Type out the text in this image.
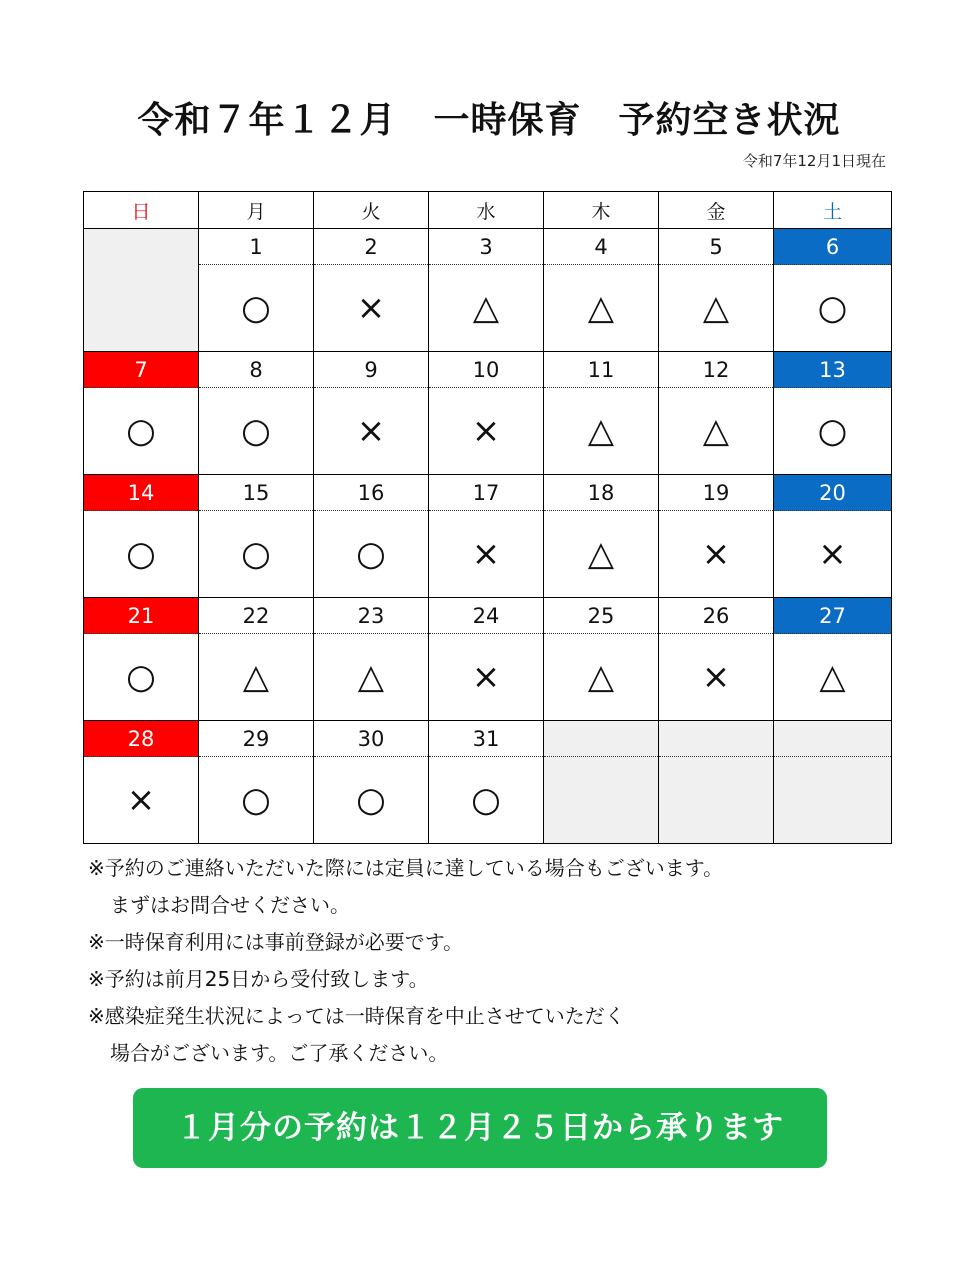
令和７年１２月　一時保育　予約空き状況
令和7年12月1日現在
日	月	火	水	木	金	土
	1	2	3	4	5	6
	○	×	△	△	△	○
7	8	9	10	11	12	13
○	○	×	×	△	△	○
14	15	16	17	18	19	20
○	○	○	×	△	×	×
21	22	23	24	25	26	27
○	△	△	×	△	×	△
28	29	30	31			
×	○	○	○			
※予約のご連絡いただいた際には定員に達している場合もございます。
まずはお問合せください。
※一時保育利用には事前登録が必要です。
※予約は前月25日から受付致します。
※感染症発生状況によっては一時保育を中止させていただく
場合がございます。ご了承ください。
１月分の予約は１２月２５日から承ります
